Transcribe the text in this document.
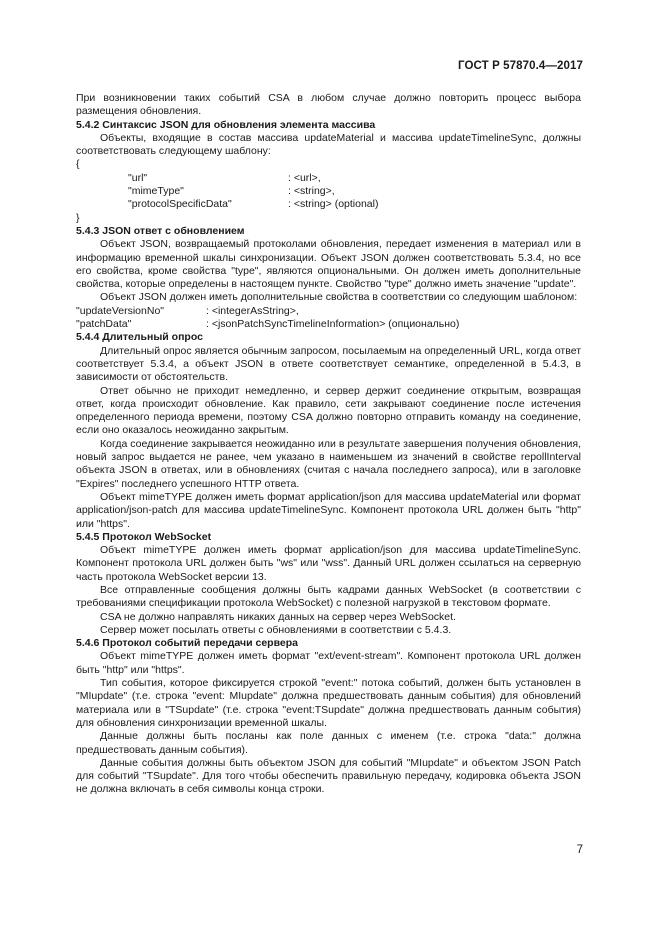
ГОСТ Р 57870.4—2017

При возникновении таких событий CSA в любом случае должно повторить процесс выбора размещения обновления.

5.4.2 Синтаксис JSON для обновления элемента массива

Объекты, входящие в состав массива updateMaterial и массива updateTimelineSync, должны соответствовать следующему шаблону:

{
"url"	: <url>,
"mimeType"	: <string>,
"protocolSpecificData"	: <string> (optional)
}

5.4.3 JSON ответ с обновлением

Объект JSON, возвращаемый протоколами обновления, передает изменения в материал или в информацию временной шкалы синхронизации. Объект JSON должен соответствовать 5.3.4, но все его свойства, кроме свойства "type", являются опциональными. Он должен иметь дополнительные свойства, которые определены в настоящем пункте. Свойство "type" должно иметь значение "update".

Объект JSON должен иметь дополнительные свойства в соответствии со следующим шаблоном:

"updateVersionNo"	: <integerAsString>,
"patchData"	: <jsonPatchSyncTimelineInformation> (опционально)

5.4.4 Длительный опрос

Длительный опрос является обычным запросом, посылаемым на определенный URL, когда ответ соответствует 5.3.4, а объект JSON в ответе соответствует семантике, определенной в 5.4.3, в зависимости от обстоятельств.

Ответ обычно не приходит немедленно, и сервер держит соединение открытым, возвращая ответ, когда происходит обновление. Как правило, сети закрывают соединение после истечения определенного периода времени, поэтому CSA должно повторно отправить команду на соединение, если оно оказалось неожиданно закрытым.

Когда соединение закрывается неожиданно или в результате завершения получения обновления, новый запрос выдается не ранее, чем указано в наименьшем из значений в свойстве repollInterval объекта JSON в ответах, или в обновлениях (считая с начала последнего запроса), или в заголовке "Expires" последнего успешного HTTP ответа.

Объект mimeTYPE должен иметь формат application/json для массива updateMaterial или формат application/json-patch для массива updateTimelineSync. Компонент протокола URL должен быть "http" или "https".

5.4.5 Протокол WebSocket

Объект mimeTYPE должен иметь формат application/json для массива updateTimelineSync. Компонент протокола URL должен быть "ws" или "wss". Данный URL должен ссылаться на серверную часть протокола WebSocket версии 13.

Все отправленные сообщения должны быть кадрами данных WebSocket (в соответствии с требованиями спецификации протокола WebSocket) с полезной нагрузкой в текстовом формате.

CSA не должно направлять никаких данных на сервер через WebSocket.

Сервер может посылать ответы с обновлениями в соответствии с 5.4.3.

5.4.6 Протокол событий передачи сервера

Объект mimeTYPE должен иметь формат "ext/event-stream". Компонент протокола URL должен быть "http" или "https".

Тип события, которое фиксируется строкой "event:" потока событий, должен быть установлен в "MIupdate" (т.е. строка "event: MIupdate" должна предшествовать данным события) для обновлений материала или в "TSupdate" (т.е. строка "event:TSupdate" должна предшествовать данным события) для обновления синхронизации временной шкалы.

Данные должны быть посланы как поле данных с именем (т.е. строка "data:" должна предшествовать данным события).

Данные события должны быть объектом JSON для событий "MIupdate" и объектом JSON Patch для событий "TSupdate". Для того чтобы обеспечить правильную передачу, кодировка объекта JSON не должна включать в себя символы конца строки.

7
